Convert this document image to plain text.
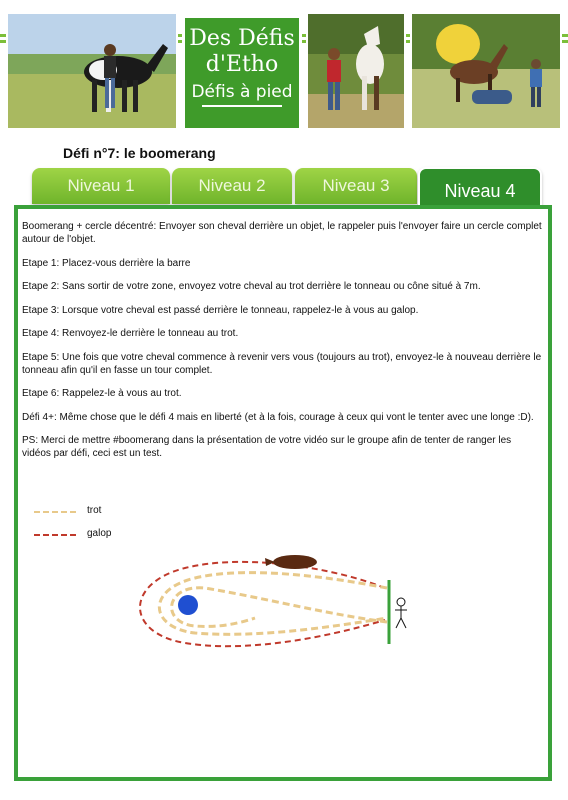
Des Défis
d'Etho
Défis à pied
Défi n°7: le boomerang
Niveau 1	Niveau 2	Niveau 3	Niveau 4

Boomerang + cercle décentré: Envoyer son cheval derrière un objet, le rappeler puis l'envoyer faire un cercle complet autour de l'objet.

Etape 1: Placez-vous derrière la barre

Etape 2: Sans sortir de votre zone, envoyez votre cheval au trot derrière le tonneau ou cône situé à 7m.

Etape 3: Lorsque votre cheval est passé derrière le tonneau, rappelez-le à vous au galop.

Etape 4: Renvoyez-le derrière le tonneau au trot.

Etape 5: Une fois que votre cheval commence à revenir vers vous (toujours au trot), envoyez-le à nouveau derrière le tonneau afin qu'il en fasse un tour complet.

Etape 6: Rappelez-le à vous au trot.

Défi 4+: Même chose que le défi 4 mais en liberté (et à la fois, courage à ceux qui vont le tenter avec une longe :D).

PS: Merci de mettre #boomerang dans la présentation de votre vidéo sur le groupe afin de tenter de ranger les vidéos par défi, ceci est un test.

trot
galop
